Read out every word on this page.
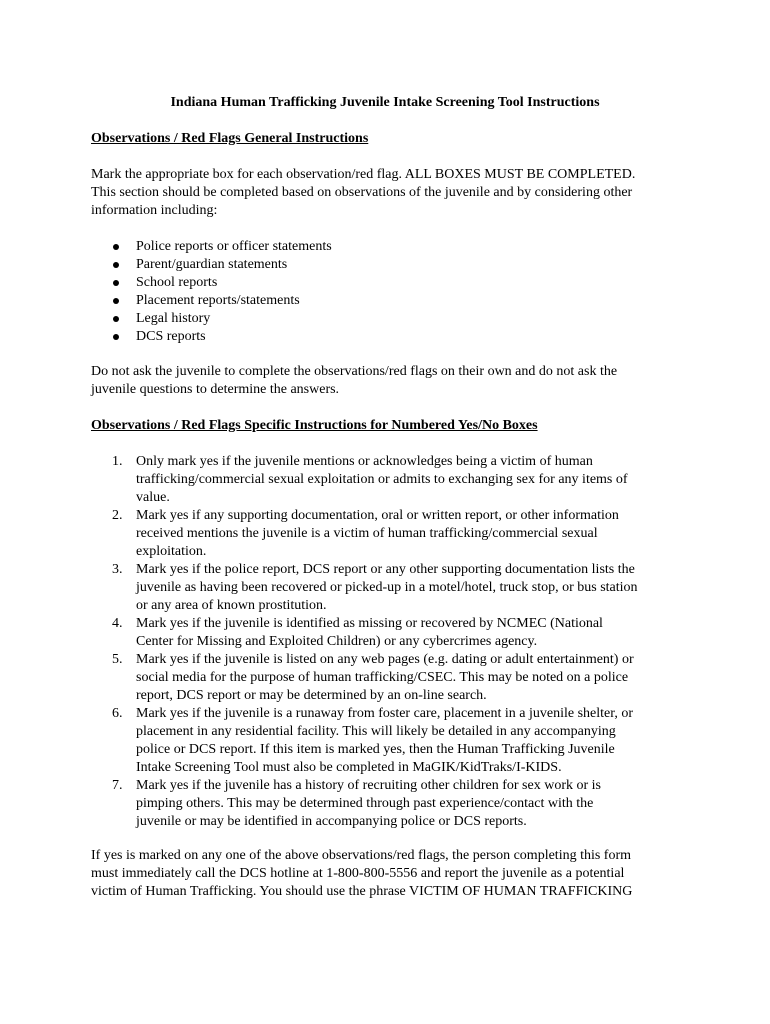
Indiana Human Trafficking Juvenile Intake Screening Tool Instructions
Observations / Red Flags General Instructions
Mark the appropriate box for each observation/red flag. ALL BOXES MUST BE COMPLETED.
This section should be completed based on observations of the juvenile and by considering other
information including:
Police reports or officer statements
Parent/guardian statements
School reports
Placement reports/statements
Legal history
DCS reports
Do not ask the juvenile to complete the observations/red flags on their own and do not ask the
juvenile questions to determine the answers.
Observations / Red Flags Specific Instructions for Numbered Yes/No Boxes
1. Only mark yes if the juvenile mentions or acknowledges being a victim of human
trafficking/commercial sexual exploitation or admits to exchanging sex for any items of
value.
2. Mark yes if any supporting documentation, oral or written report, or other information
received mentions the juvenile is a victim of human trafficking/commercial sexual
exploitation.
3. Mark yes if the police report, DCS report or any other supporting documentation lists the
juvenile as having been recovered or picked-up in a motel/hotel, truck stop, or bus station
or any area of known prostitution.
4. Mark yes if the juvenile is identified as missing or recovered by NCMEC (National
Center for Missing and Exploited Children) or any cybercrimes agency.
5. Mark yes if the juvenile is listed on any web pages (e.g. dating or adult entertainment) or
social media for the purpose of human trafficking/CSEC. This may be noted on a police
report, DCS report or may be determined by an on-line search.
6. Mark yes if the juvenile is a runaway from foster care, placement in a juvenile shelter, or
placement in any residential facility. This will likely be detailed in any accompanying
police or DCS report. If this item is marked yes, then the Human Trafficking Juvenile
Intake Screening Tool must also be completed in MaGIK/KidTraks/I-KIDS.
7. Mark yes if the juvenile has a history of recruiting other children for sex work or is
pimping others. This may be determined through past experience/contact with the
juvenile or may be identified in accompanying police or DCS reports.
If yes is marked on any one of the above observations/red flags, the person completing this form
must immediately call the DCS hotline at 1-800-800-5556 and report the juvenile as a potential
victim of Human Trafficking. You should use the phrase VICTIM OF HUMAN TRAFFICKING
